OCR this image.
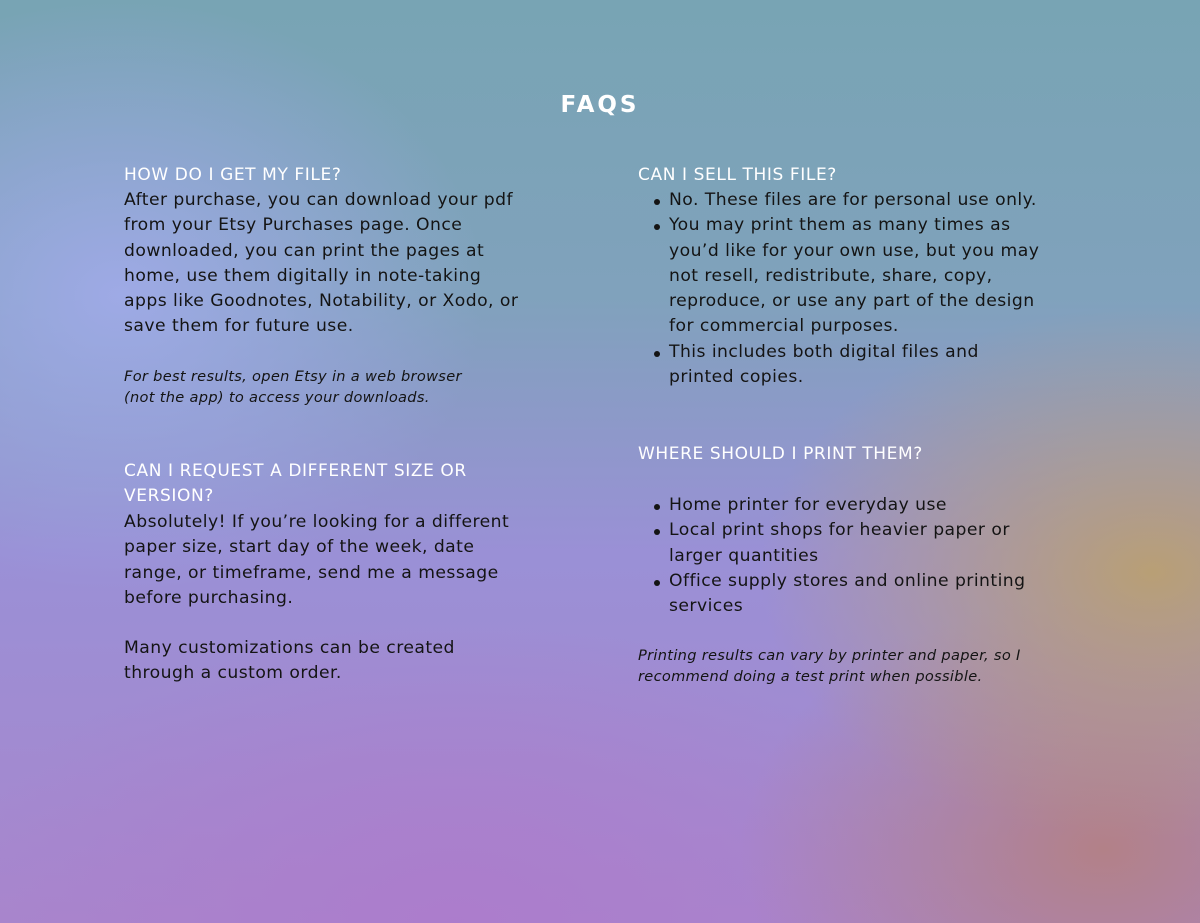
FAQS
HOW DO I GET MY FILE?

After purchase, you can download your pdf
from your Etsy Purchases page. Once
downloaded, you can print the pages at
home, use them digitally in note-taking
apps like Goodnotes, Notability, or Xodo, or
save them for future use.

For best results, open Etsy in a web browser
(not the app) to access your downloads.

CAN I REQUEST A DIFFERENT SIZE OR
VERSION?

Absolutely! If you’re looking for a different
paper size, start day of the week, date
range, or timeframe, send me a message
before purchasing.

Many customizations can be created
through a custom order.

CAN I SELL THIS FILE?
No. These files are for personal use only.
You may print them as many times as
you’d like for your own use, but you may
not resell, redistribute, share, copy,
reproduce, or use any part of the design
for commercial purposes.
This includes both digital files and
printed copies.
WHERE SHOULD I PRINT THEM?
Home printer for everyday use
Local print shops for heavier paper or
larger quantities
Office supply stores and online printing
services

Printing results can vary by printer and paper, so I
recommend doing a test print when possible.
